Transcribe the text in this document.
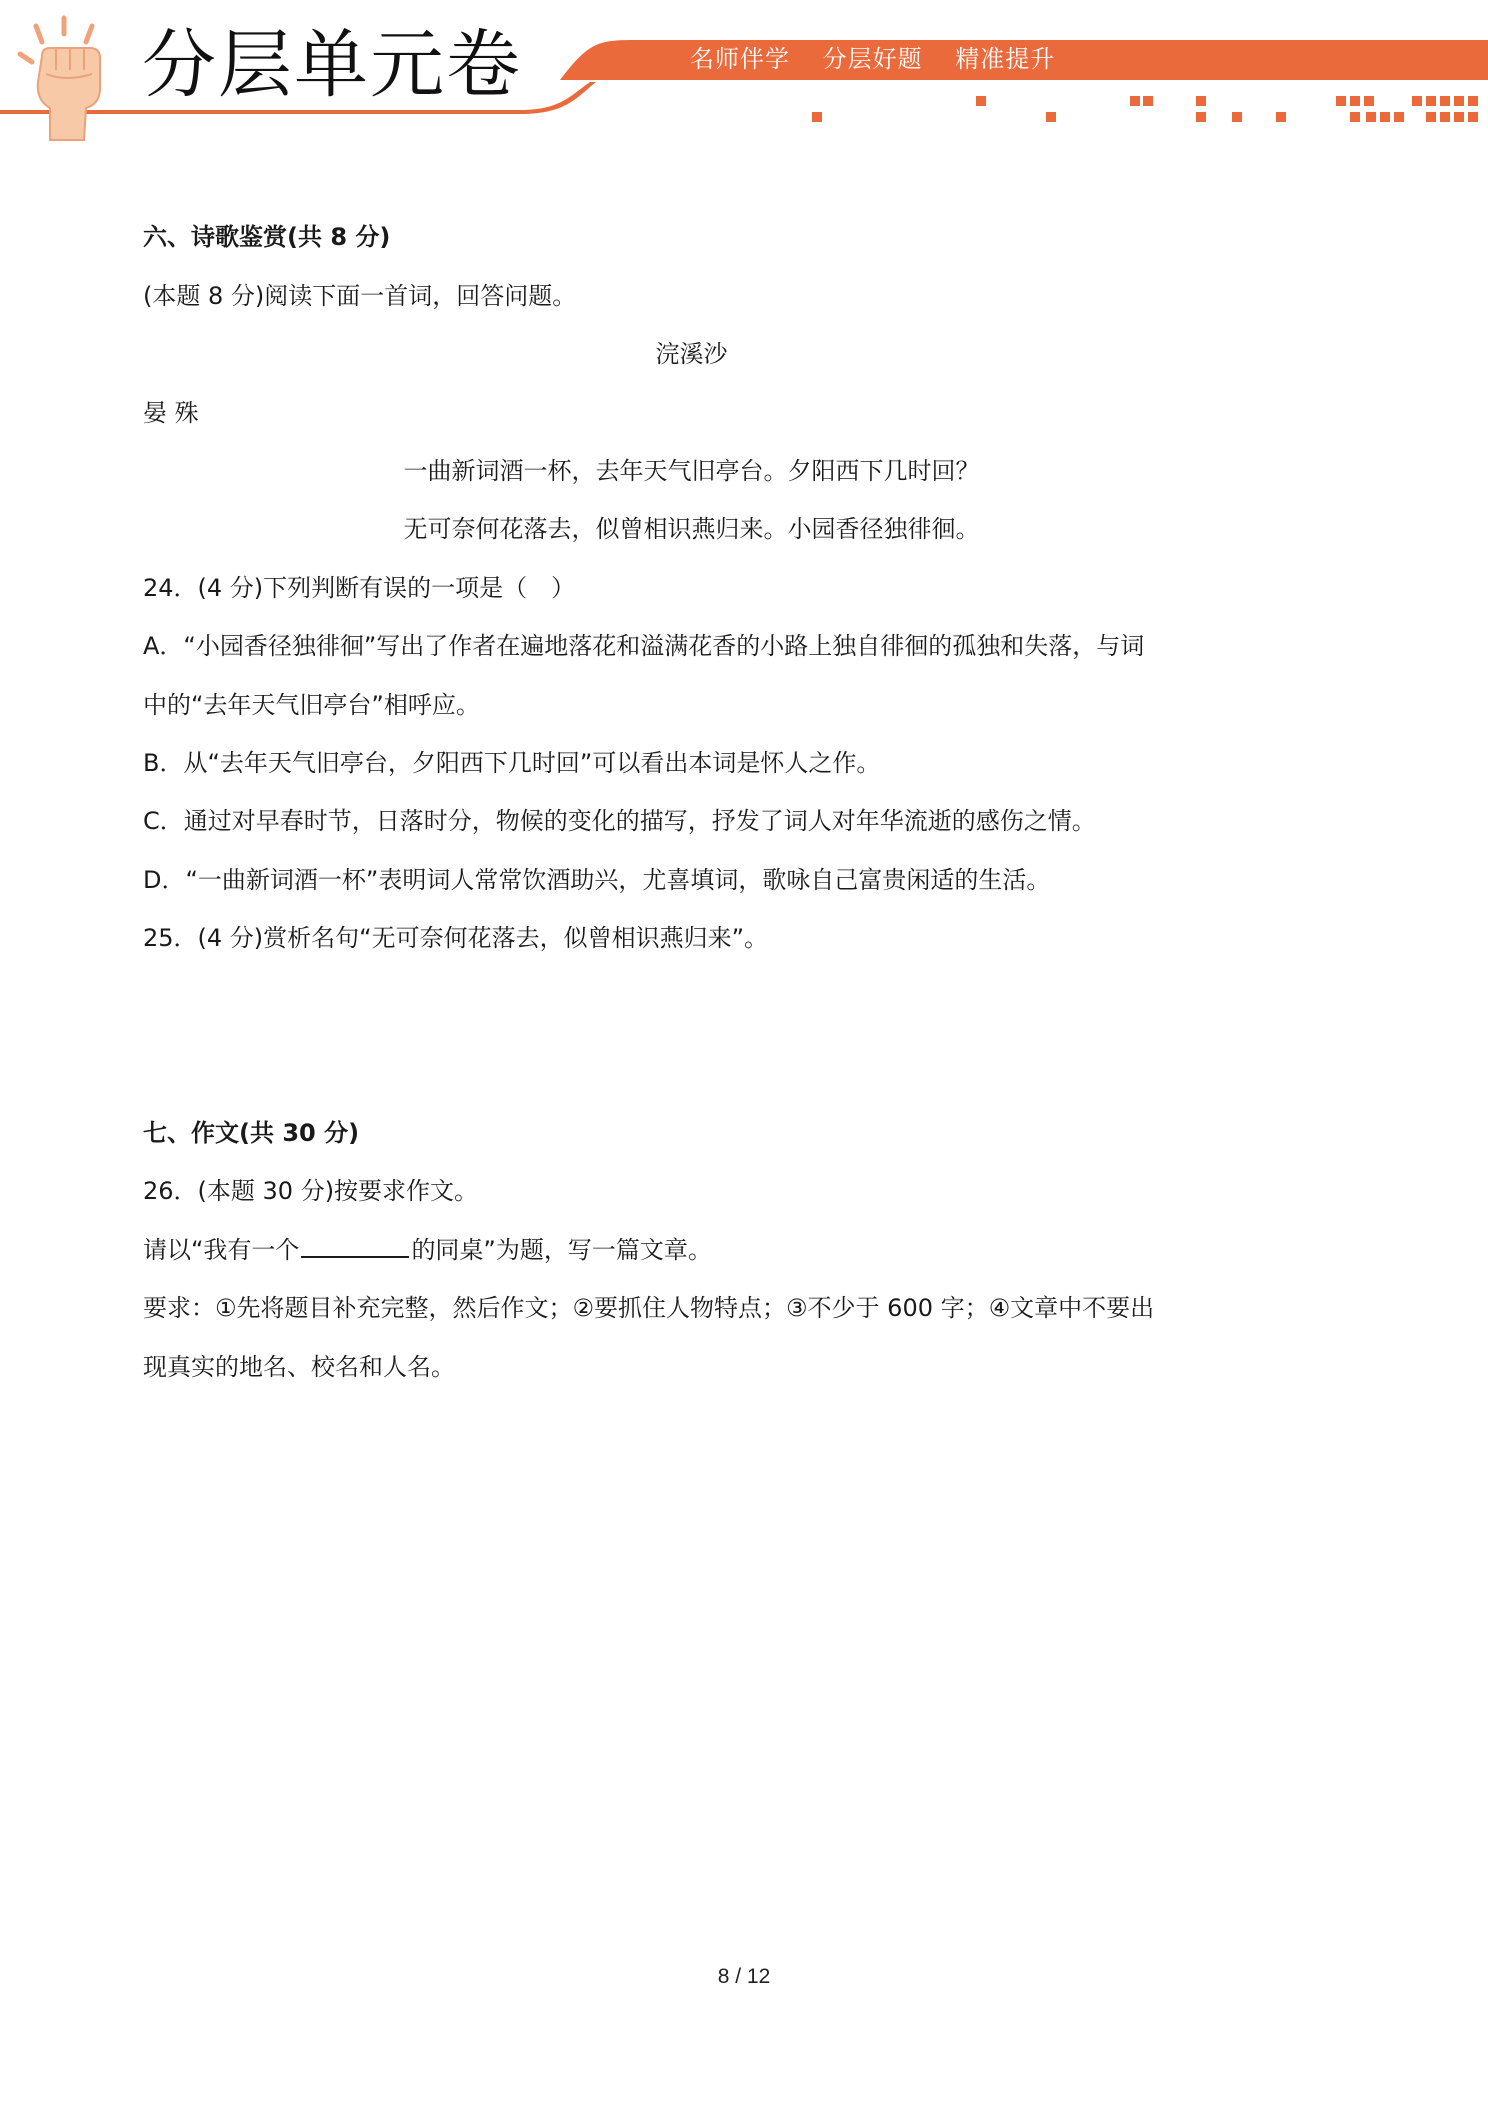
分层单元卷	名师伴学 分层好题 精准提升
六、诗歌鉴赏(共 8 分)
(本题 8 分)阅读下面一首词，回答问题。
浣溪沙
晏 殊
一曲新词酒一杯，去年天气旧亭台。夕阳西下几时回？
无可奈何花落去，似曾相识燕归来。小园香径独徘徊。
24．(4 分)下列判断有误的一项是（　）
A．“小园香径独徘徊”写出了作者在遍地落花和溢满花香的小路上独自徘徊的孤独和失落，与词
中的“去年天气旧亭台”相呼应。
B．从“去年天气旧亭台，夕阳西下几时回”可以看出本词是怀人之作。
C．通过对早春时节，日落时分，物候的变化的描写，抒发了词人对年华流逝的感伤之情。
D．“一曲新词酒一杯”表明词人常常饮酒助兴，尤喜填词，歌咏自己富贵闲适的生活。
25．(4 分)赏析名句“无可奈何花落去，似曾相识燕归来”。
七、作文(共 30 分)
26．(本题 30 分)按要求作文。
请以“我有一个	的同桌”为题，写一篇文章。
要求：①先将题目补充完整，然后作文；②要抓住人物特点；③不少于 600 字；④文章中不要出
现真实的地名、校名和人名。
8 / 12
